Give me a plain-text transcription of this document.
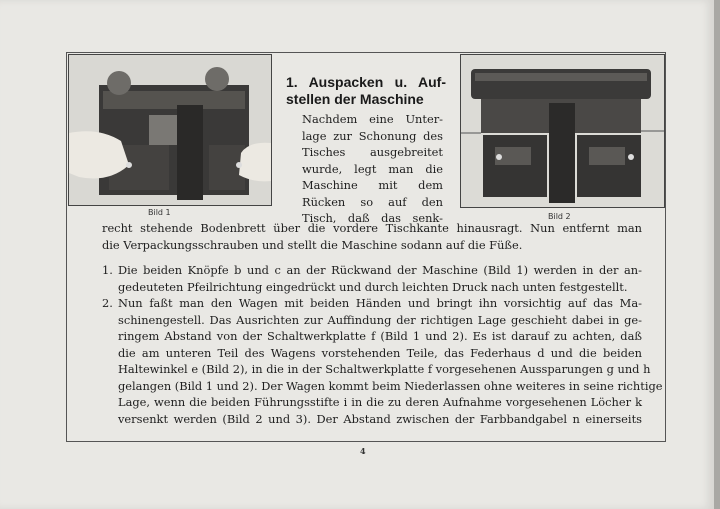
Bild 1	Bild 2
1. Auspacken u. Auf-
stellen der Maschine
Nachdem eine Unter-
lage zur Schonung des
Tisches ausgebreitet
wurde, legt man die
Maschine mit dem
Rücken so auf den
Tisch, daß das senk-
recht stehende Bodenbrett über die vordere Tischkante hinausragt. Nun entfernt man
die Verpackungsschrauben und stellt die Maschine sodann auf die Füße.
1. Die beiden Knöpfe b und c an der Rückwand der Maschine (Bild 1) werden in der an-
gedeuteten Pfeilrichtung eingedrückt und durch leichten Druck nach unten festgestellt.
2. Nun faßt man den Wagen mit beiden Händen und bringt ihn vorsichtig auf das Ma-
schinengestell. Das Ausrichten zur Auffindung der richtigen Lage geschieht dabei in ge-
ringem Abstand von der Schaltwerkplatte f (Bild 1 und 2). Es ist darauf zu achten, daß
die am unteren Teil des Wagens vorstehenden Teile, das Federhaus d und die beiden
Haltewinkel e (Bild 2), in die in der Schaltwerkplatte f vorgesehenen Aussparungen g und h
gelangen (Bild 1 und 2). Der Wagen kommt beim Niederlassen ohne weiteres in seine richtige
Lage, wenn die beiden Führungsstifte i in die zu deren Aufnahme vorgesehenen Löcher k
versenkt werden (Bild 2 und 3). Der Abstand zwischen der Farbbandgabel n einerseits
4
